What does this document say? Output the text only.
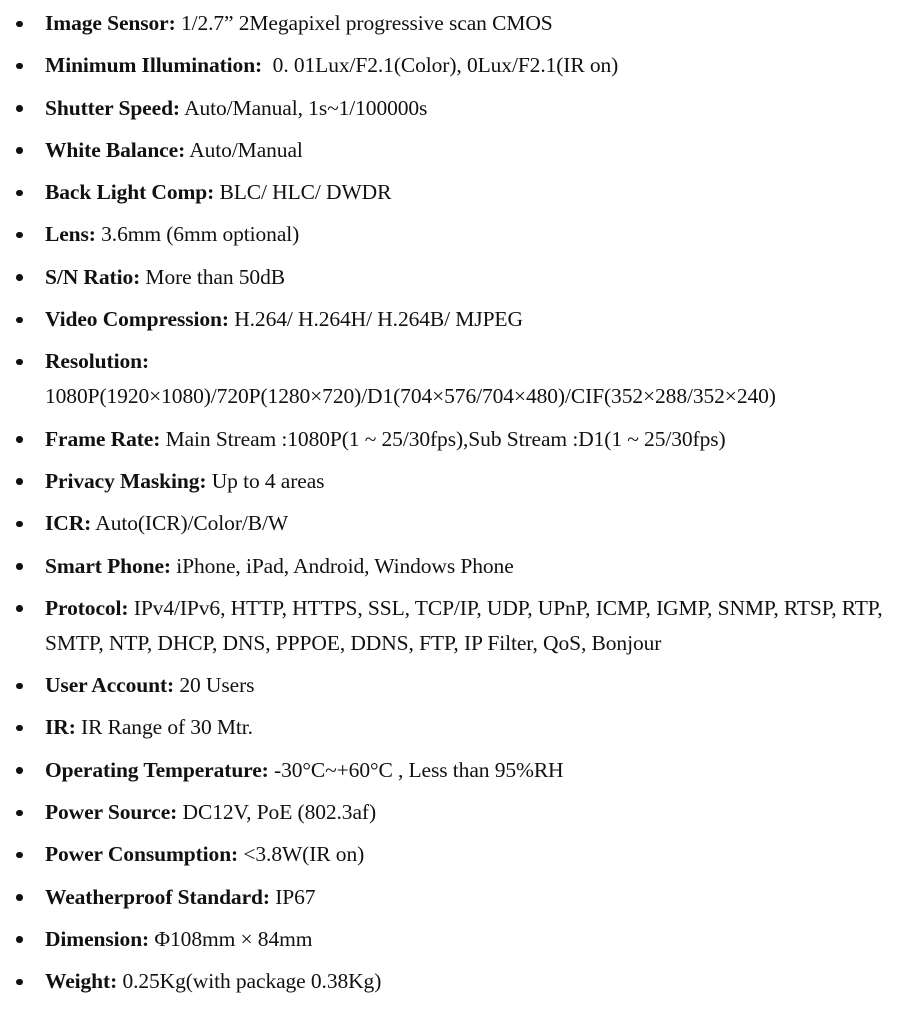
Image Sensor: 1/2.7” 2Megapixel progressive scan CMOS
Minimum Illumination:  0. 01Lux/F2.1(Color), 0Lux/F2.1(IR on)
Shutter Speed: Auto/Manual, 1s~1/100000s
White Balance: Auto/Manual
Back Light Comp: BLC/ HLC/ DWDR
Lens: 3.6mm (6mm optional)
S/N Ratio: More than 50dB
Video Compression: H.264/ H.264H/ H.264B/ MJPEG
Resolution:
1080P(1920×1080)/720P(1280×720)/D1(704×576/704×480)/CIF(352×288/352×240)
Frame Rate: Main Stream :1080P(1 ~ 25/30fps),Sub Stream :D1(1 ~ 25/30fps)
Privacy Masking: Up to 4 areas
ICR: Auto(ICR)/Color/B/W
Smart Phone: iPhone, iPad, Android, Windows Phone
Protocol: IPv4/IPv6, HTTP, HTTPS, SSL, TCP/IP, UDP, UPnP, ICMP, IGMP, SNMP, RTSP, RTP, SMTP, NTP, DHCP, DNS, PPPOE, DDNS, FTP, IP Filter, QoS, Bonjour
User Account: 20 Users
IR: IR Range of 30 Mtr.
Operating Temperature: -30°C~+60°C , Less than 95%RH
Power Source: DC12V, PoE (802.3af)
Power Consumption: <3.8W(IR on)
Weatherproof Standard: IP67
Dimension: Φ108mm × 84mm
Weight: 0.25Kg(with package 0.38Kg)
